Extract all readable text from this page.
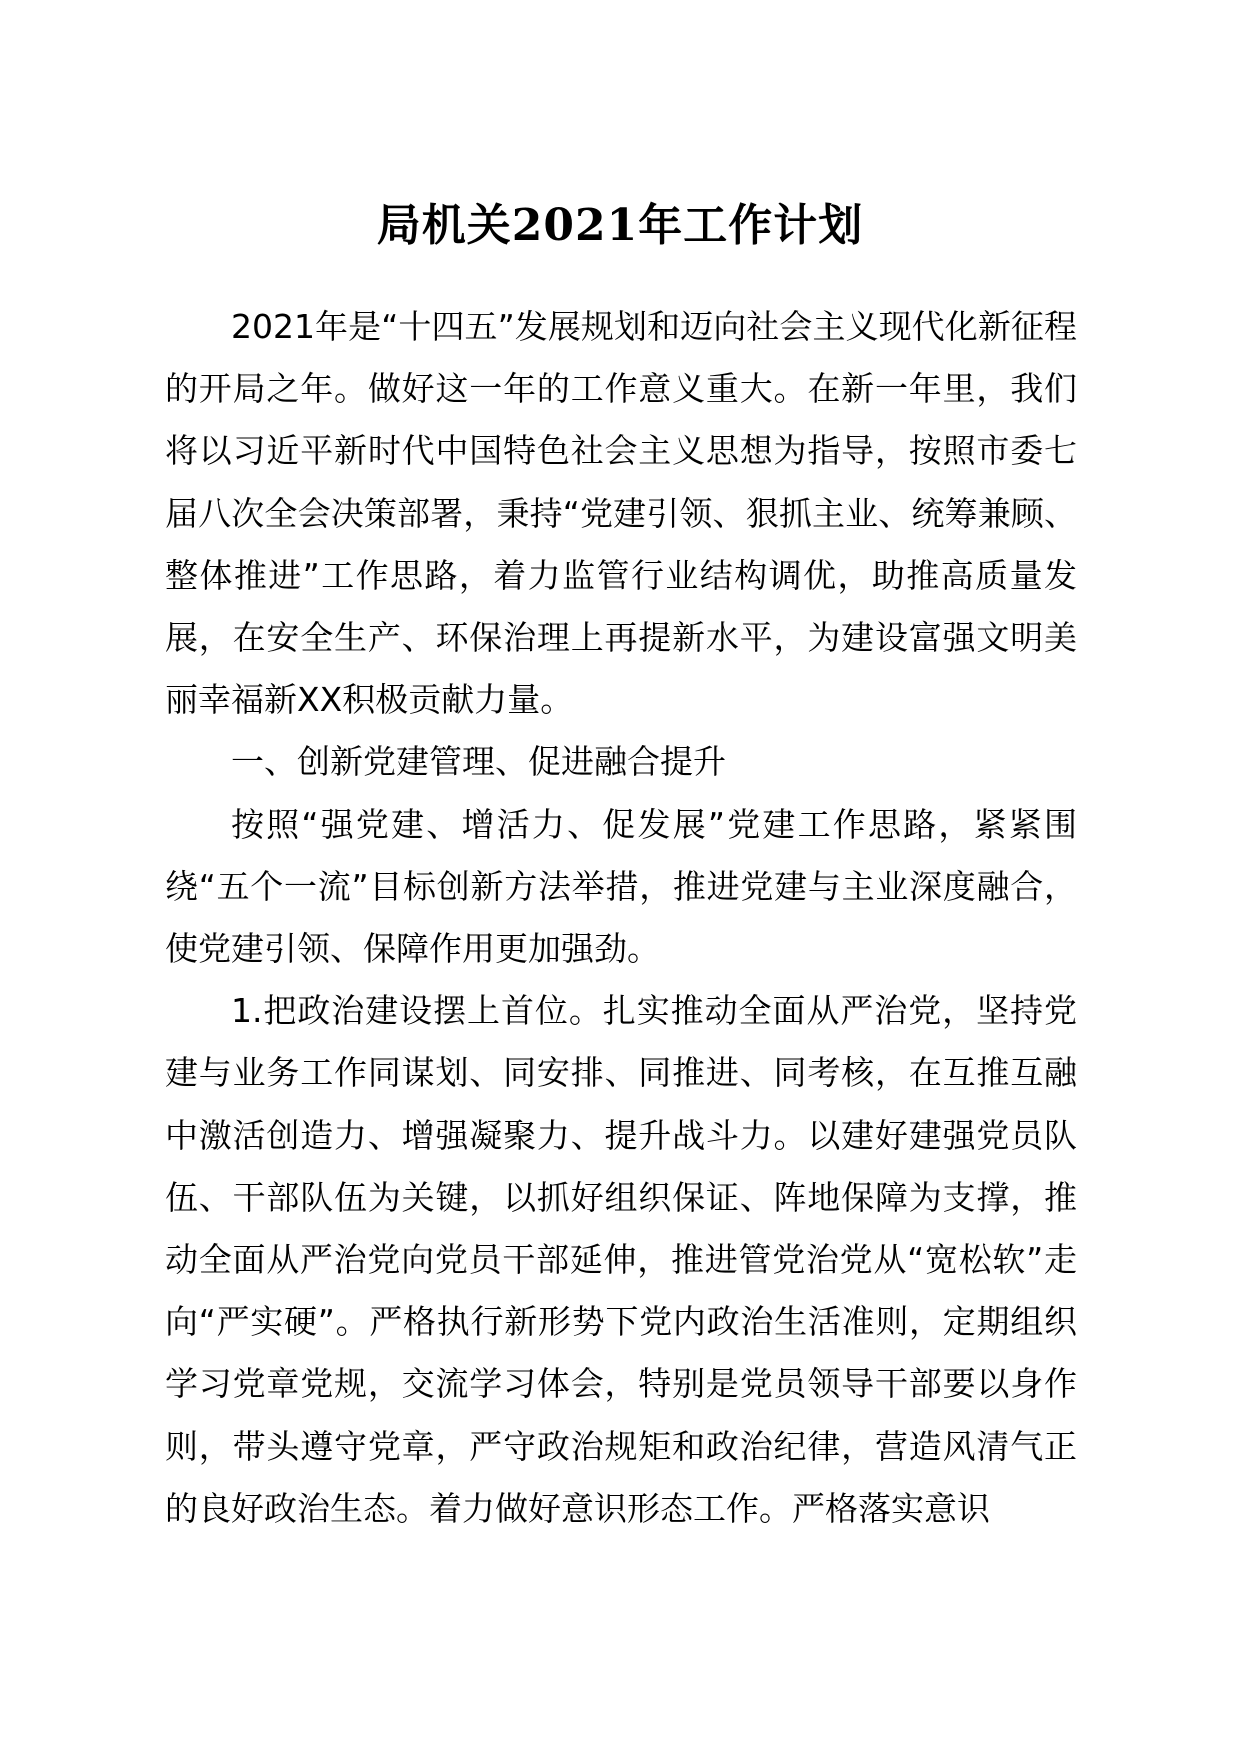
局机关2021年工作计划

2021年是“十四五”发展规划和迈向社会主义现代化新征程的开局之年。做好这一年的工作意义重大。在新一年里，我们将以习近平新时代中国特色社会主义思想为指导，按照市委七届八次全会决策部署，秉持“党建引领、狠抓主业、统筹兼顾、整体推进”工作思路，着力监管行业结构调优，助推高质量发展，在安全生产、环保治理上再提新水平，为建设富强文明美丽幸福新XX积极贡献力量。

一、创新党建管理、促进融合提升

按照“强党建、增活力、促发展”党建工作思路，紧紧围绕“五个一流”目标创新方法举措，推进党建与主业深度融合，使党建引领、保障作用更加强劲。

1.把政治建设摆上首位。扎实推动全面从严治党，坚持党建与业务工作同谋划、同安排、同推进、同考核，在互推互融中激活创造力、增强凝聚力、提升战斗力。以建好建强党员队伍、干部队伍为关键，以抓好组织保证、阵地保障为支撑，推动全面从严治党向党员干部延伸，推进管党治党从“宽松软”走向“严实硬”。严格执行新形势下党内政治生活准则，定期组织学习党章党规，交流学习体会，特别是党员领导干部要以身作则，带头遵守党章，严守政治规矩和政治纪律，营造风清气正的良好政治生态。着力做好意识形态工作。严格落实意识
